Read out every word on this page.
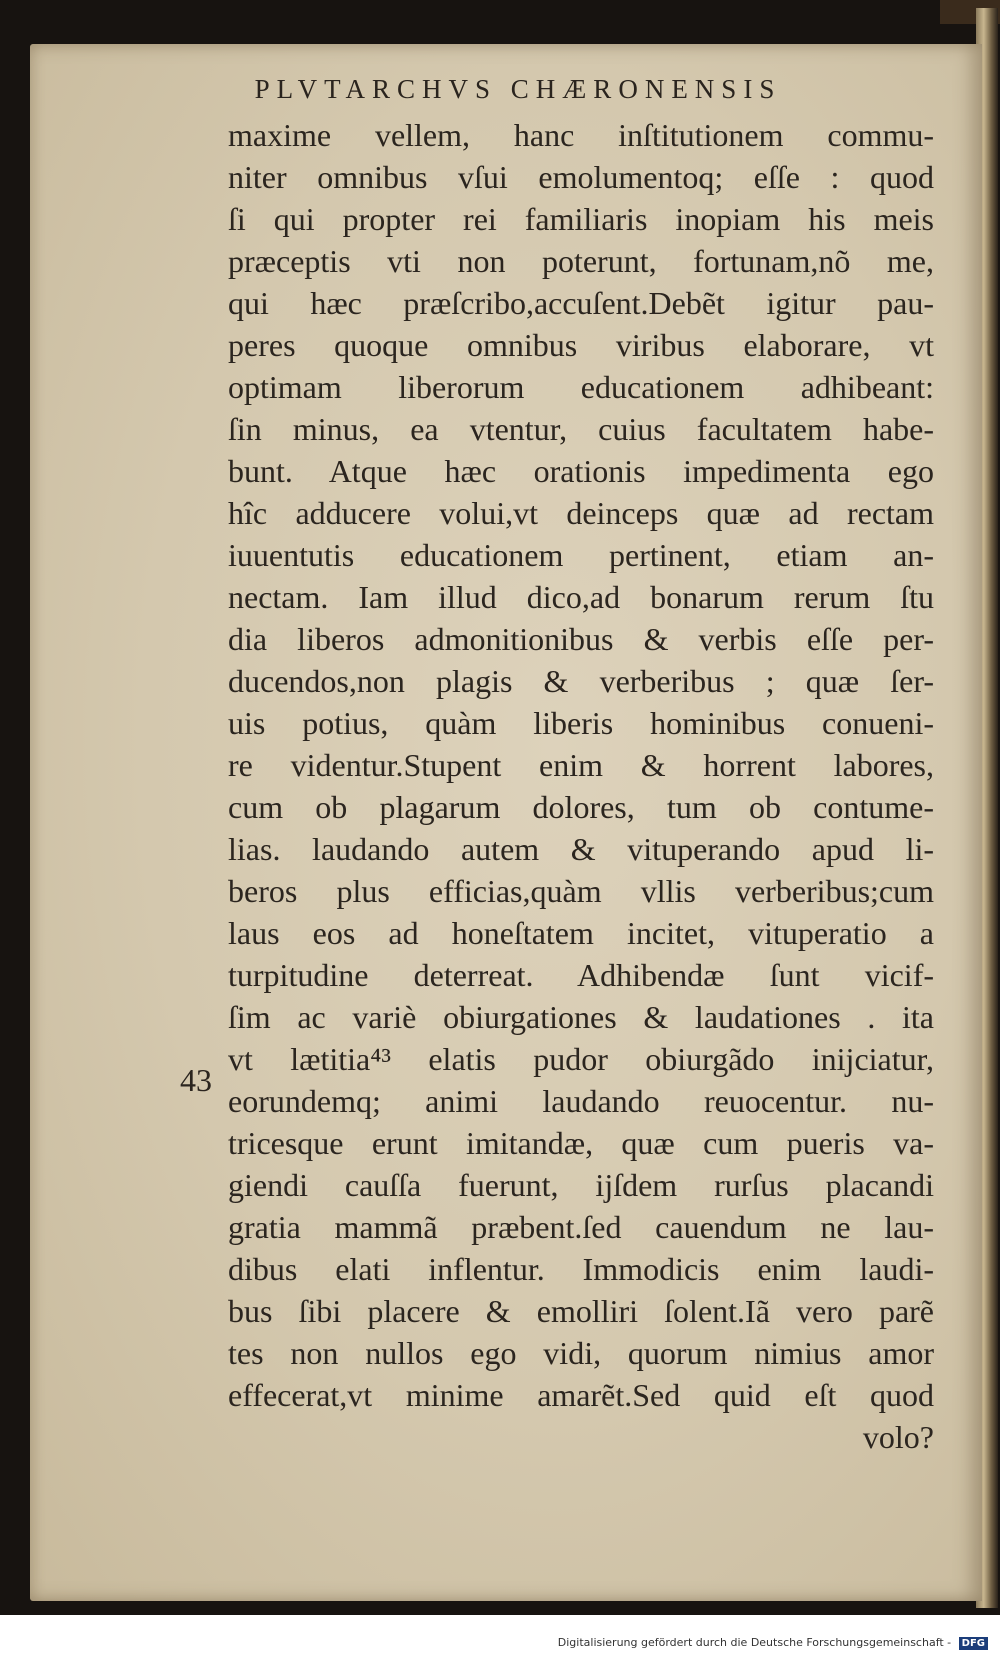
PLVTARCHVS CHÆRONENSIS
43
maxime vellem, hanc inſtitutionem commu-
niter omnibus vſui emolumentoq; eſſe : quod
ſi qui propter rei familiaris inopiam his meis
præceptis vti non poterunt, fortunam,nõ me,
qui hæc præſcribo,accuſent.Debẽt igitur pau-
peres quoque omnibus viribus elaborare, vt
optimam liberorum educationem adhibeant:
ſin minus, ea vtentur, cuius facultatem habe-
bunt. Atque hæc orationis impedimenta ego
hîc adducere volui,vt deinceps quæ ad rectam
iuuentutis educationem pertinent, etiam an-
nectam. Iam illud dico,ad bonarum rerum ſtu
dia liberos admonitionibus & verbis eſſe per-
ducendos,non plagis & verberibus ; quæ ſer-
uis potius, quàm liberis hominibus conueni-
re videntur.Stupent enim & horrent labores,
cum ob plagarum dolores, tum ob contume-
lias. laudando autem & vituperando apud li-
beros plus efficias,quàm vllis verberibus;cum
laus eos ad honeſtatem incitet, vituperatio a
turpitudine deterreat. Adhibendæ ſunt vicif-
ſim ac variè obiurgationes & laudationes . ita
vt lætitia⁴³ elatis pudor obiurgãdo inijciatur,
eorundemq; animi laudando reuocentur. nu-
tricesque erunt imitandæ, quæ cum pueris va-
giendi cauſſa fuerunt, ijſdem rurſus placandi
gratia mammã præbent.ſed cauendum ne lau-
dibus elati inflentur. Immodicis enim laudi-
bus ſibi placere & emolliri ſolent.Iã vero parẽ
tes non nullos ego vidi, quorum nimius amor
effecerat,vt minime amarẽt.Sed quid eſt quod
volo?
Digitalisierung gefördert durch die Deutsche Forschungsgemeinschaft - DFG
